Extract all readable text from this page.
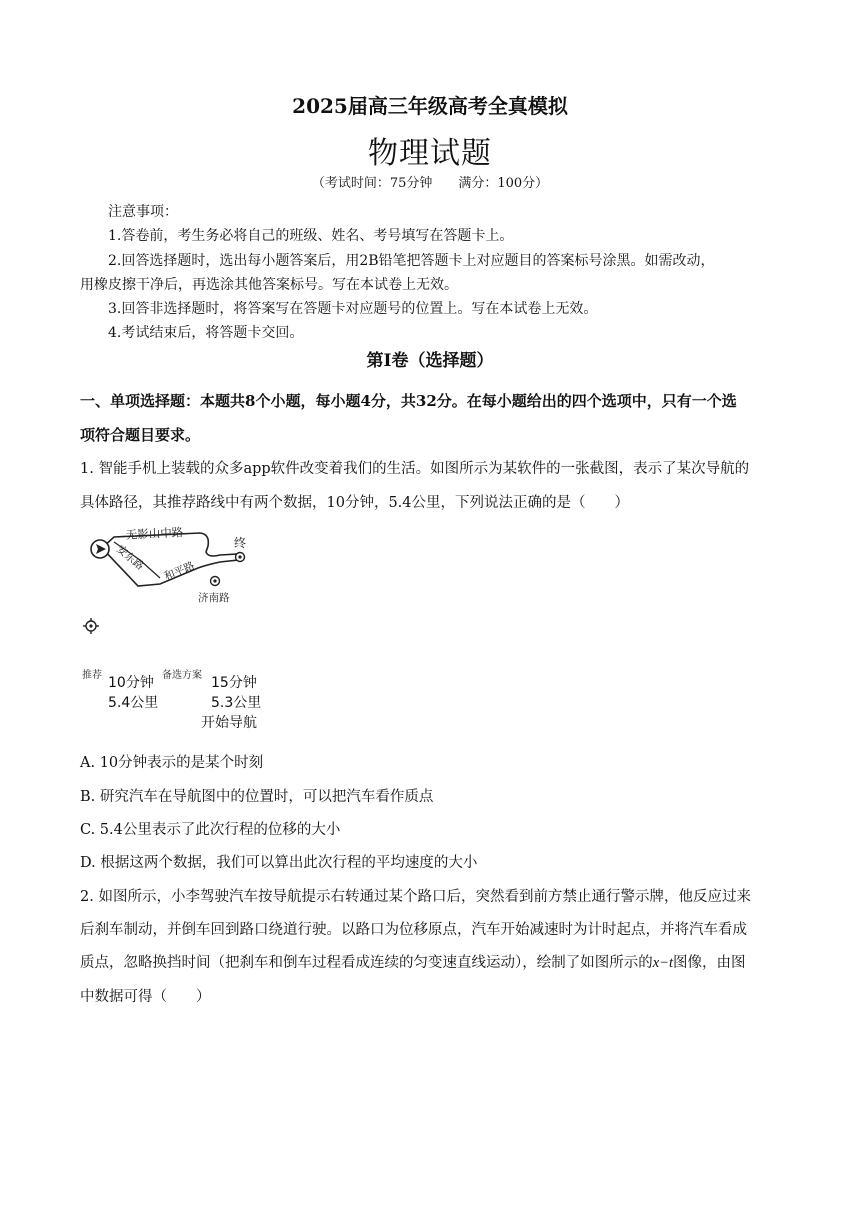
2025届高三年级高考全真模拟
物理试题
（考试时间：75分钟　　满分：100分）
注意事项：
1.答卷前，考生务必将自己的班级、姓名、考号填写在答题卡上。
2.回答选择题时，选出每小题答案后，用2B铅笔把答题卡上对应题目的答案标号涂黑。如需改动，
用橡皮擦干净后，再选涂其他答案标号。写在本试卷上无效。
3.回答非选择题时，将答案写在答题卡对应题号的位置上。写在本试卷上无效。
4.考试结束后，将答题卡交回。
第Ⅰ卷（选择题）
一、单项选择题：本题共8个小题，每小题4分，共32分。在每小题给出的四个选项中，只有一个选
项符合题目要求。
1. 智能手机上装载的众多app软件改变着我们的生活。如图所示为某软件的一张截图，表示了某次导航的
具体路径，其推荐路线中有两个数据，10分钟，5.4公里，下列说法正确的是（　　）
无影山中路
安东路 和平路
济南路
终
推荐 10分钟
5.4公里
备选方案 15分钟
5.3公里
开始导航
A. 10分钟表示的是某个时刻
B. 研究汽车在导航图中的位置时，可以把汽车看作质点
C. 5.4公里表示了此次行程的位移的大小
D. 根据这两个数据，我们可以算出此次行程的平均速度的大小
2. 如图所示，小李驾驶汽车按导航提示右转通过某个路口后，突然看到前方禁止通行警示牌，他反应过来
后刹车制动，并倒车回到路口绕道行驶。以路口为位移原点，汽车开始减速时为计时起点，并将汽车看成
质点，忽略换挡时间（把刹车和倒车过程看成连续的匀变速直线运动），绘制了如图所示的x−t图像，由图
中数据可得（　　）
